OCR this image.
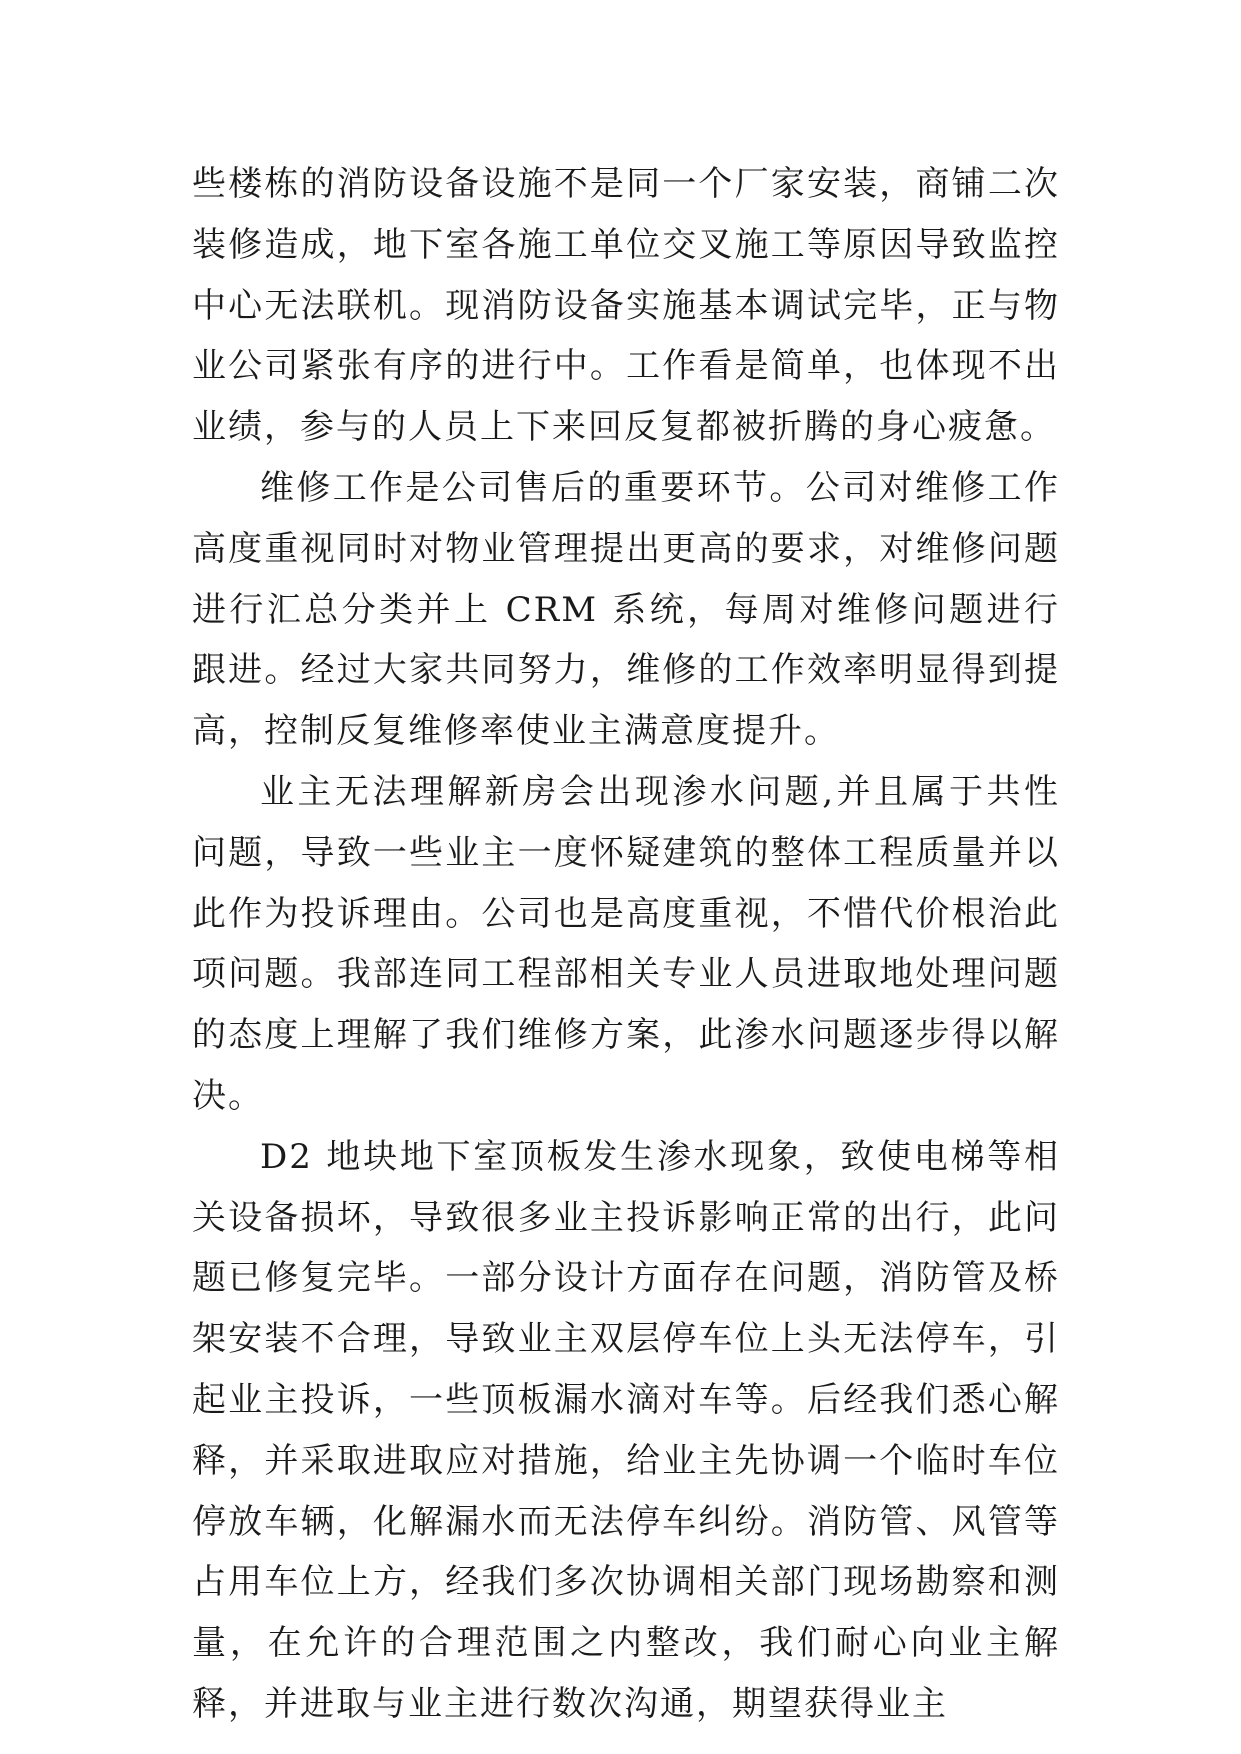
些楼栋的消防设备设施不是同一个厂家安装，商铺二次装修造成，地下室各施工单位交叉施工等原因导致监控中心无法联机。现消防设备实施基本调试完毕，正与物业公司紧张有序的进行中。工作看是简单，也体现不出业绩，参与的人员上下来回反复都被折腾的身心疲惫。

维修工作是公司售后的重要环节。公司对维修工作高度重视同时对物业管理提出更高的要求，对维修问题进行汇总分类并上 CRM 系统，每周对维修问题进行跟进。经过大家共同努力，维修的工作效率明显得到提高，控制反复维修率使业主满意度提升。

业主无法理解新房会出现渗水问题,并且属于共性问题，导致一些业主一度怀疑建筑的整体工程质量并以此作为投诉理由。公司也是高度重视，不惜代价根治此项问题。我部连同工程部相关专业人员进取地处理问题的态度上理解了我们维修方案，此渗水问题逐步得以解决。

D2 地块地下室顶板发生渗水现象，致使电梯等相关设备损坏，导致很多业主投诉影响正常的出行，此问题已修复完毕。一部分设计方面存在问题，消防管及桥架安装不合理，导致业主双层停车位上头无法停车，引起业主投诉，一些顶板漏水滴对车等。后经我们悉心解释，并采取进取应对措施，给业主先协调一个临时车位停放车辆，化解漏水而无法停车纠纷。消防管、风管等占用车位上方，经我们多次协调相关部门现场勘察和测量，在允许的合理范围之内整改，我们耐心向业主解释，并进取与业主进行数次沟通，期望获得业主
